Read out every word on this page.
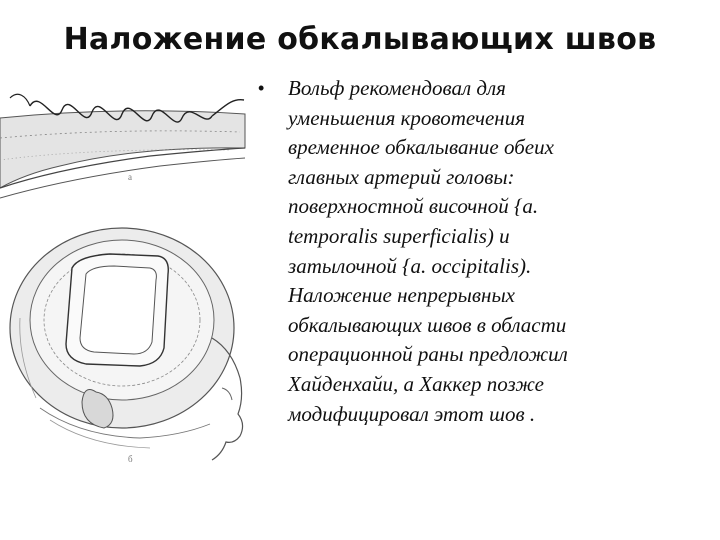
Наложение обкалывающих швов
а
б
• Вольф рекомендовал для
уменьшения кровотечения
временное обкалывание обеих
главных артерий головы:
поверхностной височной {а.
temporalis superficialis) и
затылочной {a. occipitalis).
Наложение непрерывных
обкалывающих швов в области
операционной раны предложил
Хайденхайи, а Хаккер позже
модифицировал этот шов .
